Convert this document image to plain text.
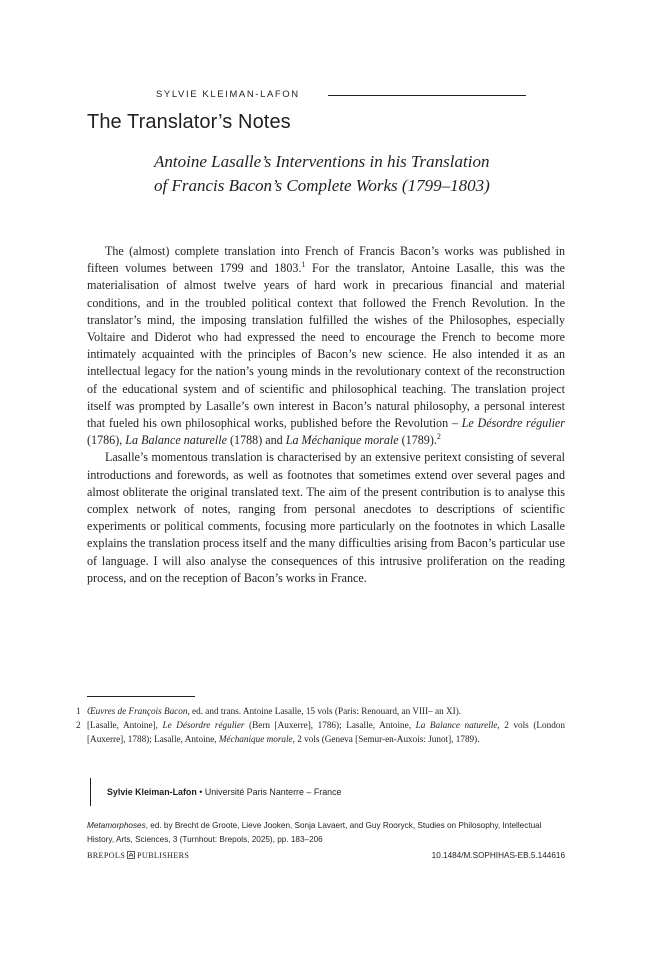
SYLVIE KLEIMAN-LAFON
The Translator’s Notes
Antoine Lasalle’s Interventions in his Translation
of Francis Bacon’s Complete Works (1799–1803)

The (almost) complete translation into French of Francis Bacon’s works was published in fifteen volumes between 1799 and 1803.$^1$ For the translator, Antoine Lasalle, this was the materialisation of almost twelve years of hard work in precarious financial and material conditions, and in the troubled political context that followed the French Revolution. In the translator’s mind, the imposing translation fulfilled the wishes of the Philosophes, especially Voltaire and Diderot who had expressed the need to encourage the French to become more intimately acquainted with the principles of Bacon’s new science. He also intended it as an intellectual legacy for the nation’s young minds in the revolutionary context of the reconstruction of the educational system and of scientific and philosophical teaching. The translation project itself was prompted by Lasalle’s own interest in Bacon’s natural philosophy, a personal interest that fueled his own philosophical works, published before the Revolution – Le Désordre régulier (1786), La Balance naturelle (1788) and La Méchanique morale (1789).$^2$

Lasalle’s momentous translation is characterised by an extensive peritext consisting of several introductions and forewords, as well as footnotes that sometimes extend over several pages and almost obliterate the original translated text. The aim of the present contribution is to analyse this complex network of notes, ranging from personal anecdotes to descriptions of scientific experiments or political comments, focusing more particularly on the footnotes in which Lasalle explains the translation process itself and the many difficulties arising from Bacon’s particular use of language. I will also analyse the consequences of this intrusive proliferation on the reading process, and on the reception of Bacon’s works in France.

1 Œuvres de François Bacon, ed. and trans. Antoine Lasalle, 15 vols (Paris: Renouard, an VIII– an XI).
2 [Lasalle, Antoine], Le Désordre régulier (Bern [Auxerre], 1786); Lasalle, Antoine, La Balance naturelle, 2 vols (London [Auxerre], 1788); Lasalle, Antoine, Méchanique morale, 2 vols (Geneva [Semur-en-Auxois: Junot], 1789).
Sylvie Kleiman-Lafon • Université Paris Nanterre – France
Metamorphoses, ed. by Brecht de Groote, Lieve Jooken, Sonja Lavaert, and Guy Rooryck, Studies on Philosophy, Intellectual History, Arts, Sciences, 3 (Turnhout: Brepols, 2025), pp. 183–206
BREPOLS PUBLISHERS	10.1484/M.SOPHIHAS-EB.5.144616
